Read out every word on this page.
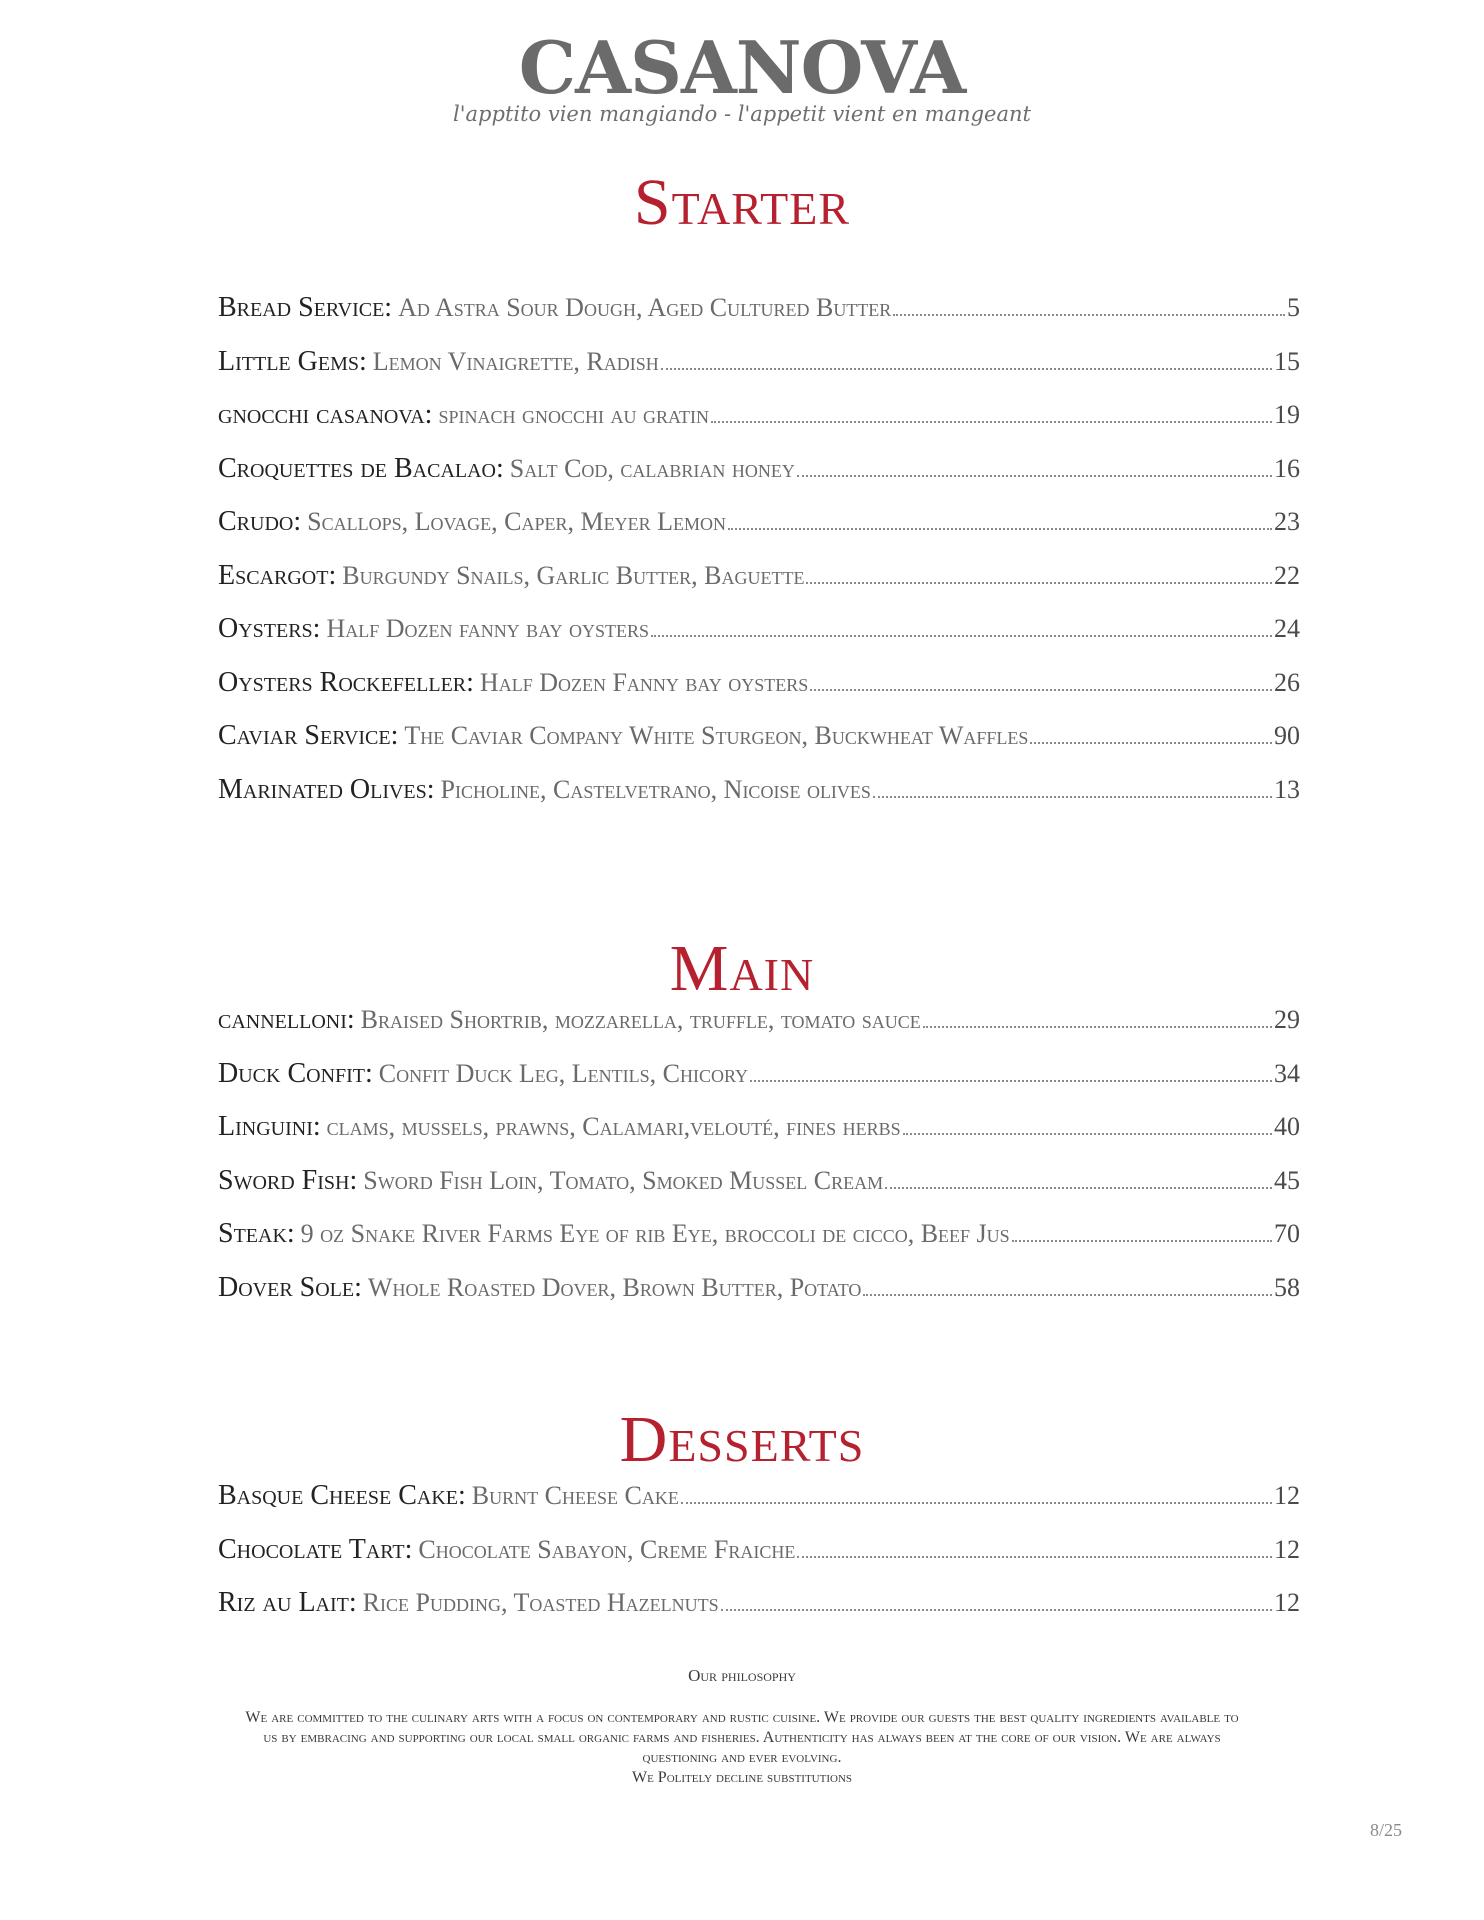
CASANOVA
l'apptito vien mangiando - l'appetit vient en mangeant
Starter
Bread Service: Ad Astra Sour Dough, Aged Cultured Butter	5
Little Gems: Lemon Vinaigrette, Radish	15
gnocchi casanova: spinach gnocchi au gratin	19
Croquettes de Bacalao: Salt Cod, calabrian honey	16
Crudo: Scallops, Lovage, Caper, Meyer Lemon	23
Escargot: Burgundy Snails, Garlic Butter, Baguette	22
Oysters: Half Dozen fanny bay oysters	24
Oysters Rockefeller: Half Dozen Fanny bay oysters	26
Caviar Service: The Caviar Company White Sturgeon, Buckwheat Waffles	90
Marinated Olives: Picholine, Castelvetrano, Nicoise olives	13
Main
cannelloni: Braised Shortrib, mozzarella, truffle, tomato sauce	29
Duck Confit: Confit Duck Leg, Lentils, Chicory	34
Linguini: clams, mussels, prawns, Calamari,velouté, fines herbs	40
Sword Fish: Sword Fish Loin, Tomato, Smoked Mussel Cream	45
Steak: 9 oz Snake River Farms Eye of rib Eye, broccoli de cicco, Beef Jus	70
Dover Sole: Whole Roasted Dover, Brown Butter, Potato	58
Desserts
Basque Cheese Cake: Burnt Cheese Cake	12
Chocolate Tart: Chocolate Sabayon, Creme Fraiche	12
Riz au Lait: Rice Pudding, Toasted Hazelnuts	12
Our philosophy
We are committed to the culinary arts with a focus on contemporary and rustic cuisine. We provide our guests the best quality ingredients available to us by embracing and supporting our local small organic farms and fisheries. Authenticity has always been at the core of our vision. We are always questioning and ever evolving.
We Politely decline substitutions
8/25
